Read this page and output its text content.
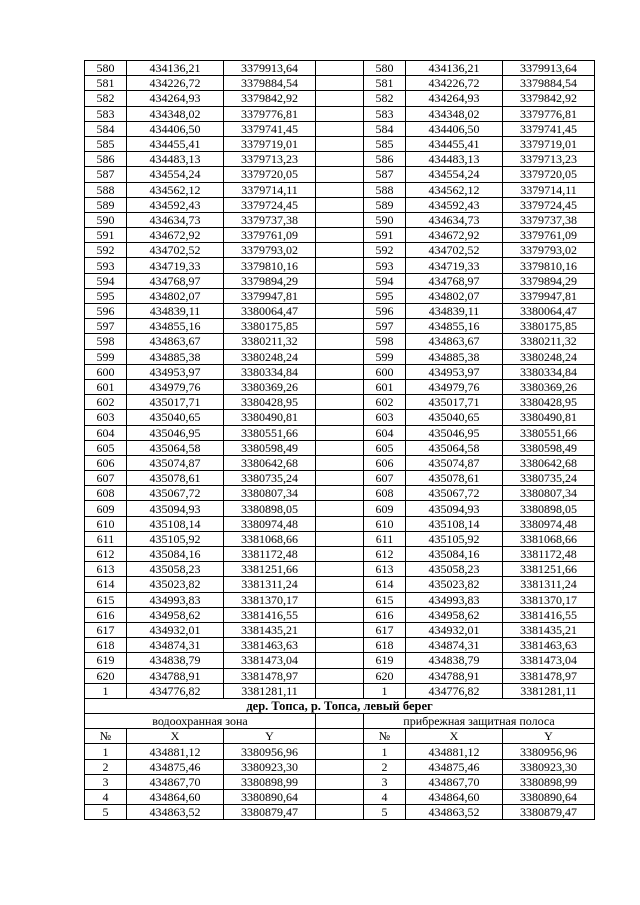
580	434136,21	3379913,64		580	434136,21	3379913,64
581	434226,72	3379884,54		581	434226,72	3379884,54
582	434264,93	3379842,92		582	434264,93	3379842,92
583	434348,02	3379776,81		583	434348,02	3379776,81
584	434406,50	3379741,45		584	434406,50	3379741,45
585	434455,41	3379719,01		585	434455,41	3379719,01
586	434483,13	3379713,23		586	434483,13	3379713,23
587	434554,24	3379720,05		587	434554,24	3379720,05
588	434562,12	3379714,11		588	434562,12	3379714,11
589	434592,43	3379724,45		589	434592,43	3379724,45
590	434634,73	3379737,38		590	434634,73	3379737,38
591	434672,92	3379761,09		591	434672,92	3379761,09
592	434702,52	3379793,02		592	434702,52	3379793,02
593	434719,33	3379810,16		593	434719,33	3379810,16
594	434768,97	3379894,29		594	434768,97	3379894,29
595	434802,07	3379947,81		595	434802,07	3379947,81
596	434839,11	3380064,47		596	434839,11	3380064,47
597	434855,16	3380175,85		597	434855,16	3380175,85
598	434863,67	3380211,32		598	434863,67	3380211,32
599	434885,38	3380248,24		599	434885,38	3380248,24
600	434953,97	3380334,84		600	434953,97	3380334,84
601	434979,76	3380369,26		601	434979,76	3380369,26
602	435017,71	3380428,95		602	435017,71	3380428,95
603	435040,65	3380490,81		603	435040,65	3380490,81
604	435046,95	3380551,66		604	435046,95	3380551,66
605	435064,58	3380598,49		605	435064,58	3380598,49
606	435074,87	3380642,68		606	435074,87	3380642,68
607	435078,61	3380735,24		607	435078,61	3380735,24
608	435067,72	3380807,34		608	435067,72	3380807,34
609	435094,93	3380898,05		609	435094,93	3380898,05
610	435108,14	3380974,48		610	435108,14	3380974,48
611	435105,92	3381068,66		611	435105,92	3381068,66
612	435084,16	3381172,48		612	435084,16	3381172,48
613	435058,23	3381251,66		613	435058,23	3381251,66
614	435023,82	3381311,24		614	435023,82	3381311,24
615	434993,83	3381370,17		615	434993,83	3381370,17
616	434958,62	3381416,55		616	434958,62	3381416,55
617	434932,01	3381435,21		617	434932,01	3381435,21
618	434874,31	3381463,63		618	434874,31	3381463,63
619	434838,79	3381473,04		619	434838,79	3381473,04
620	434788,91	3381478,97		620	434788,91	3381478,97
1	434776,82	3381281,11		1	434776,82	3381281,11
дер. Топса, р. Топса, левый берег						
водоохранная зона				прибрежная защитная полоса		
№	X	Y		№	X	Y
1	434881,12	3380956,96		1	434881,12	3380956,96
2	434875,46	3380923,30		2	434875,46	3380923,30
3	434867,70	3380898,99		3	434867,70	3380898,99
4	434864,60	3380890,64		4	434864,60	3380890,64
5	434863,52	3380879,47		5	434863,52	3380879,47
